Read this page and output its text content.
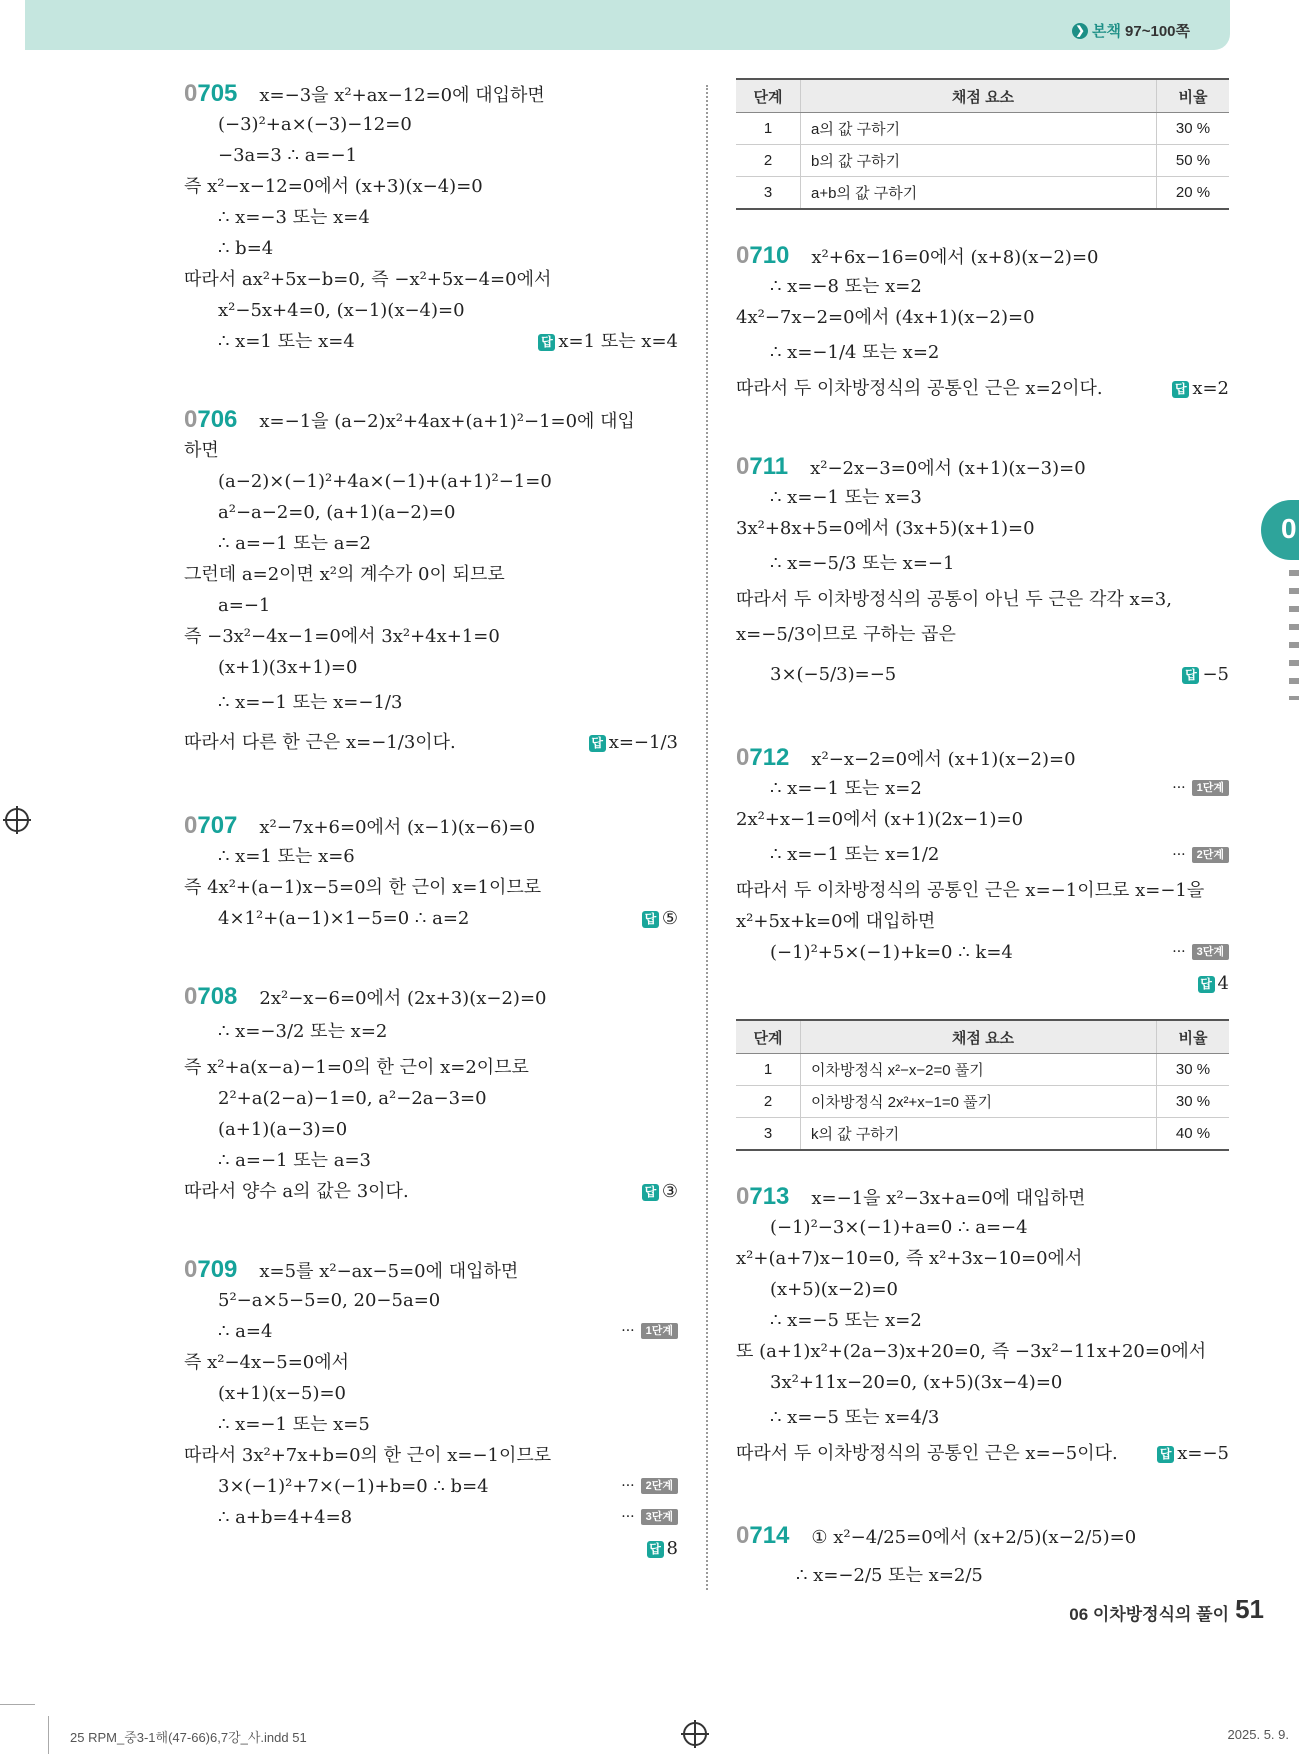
❯ 본책 97~100쪽
0705 x=−3을 x²+ax−12=0에 대입하면
(−3)²+a×(−3)−12=0
−3a=3 ∴ a=−1
즉 x²−x−12=0에서 (x+3)(x−4)=0
∴ x=−3 또는 x=4
∴ b=4
따라서 ax²+5x−b=0, 즉 −x²+5x−4=0에서
x²−5x+4=0, (x−1)(x−4)=0
∴ x=1 또는 x=4	답 x=1 또는 x=4
0706 x=−1을 (a−2)x²+4ax+(a+1)²−1=0에 대입
하면
(a−2)×(−1)²+4a×(−1)+(a+1)²−1=0
a²−a−2=0, (a+1)(a−2)=0
∴ a=−1 또는 a=2
그런데 a=2이면 x²의 계수가 0이 되므로
a=−1
즉 −3x²−4x−1=0에서 3x²+4x+1=0
(x+1)(3x+1)=0
∴ x=−1 또는 x=−1/3
따라서 다른 한 근은 x=−1/3이다.	답 x=−1/3
0707 x²−7x+6=0에서 (x−1)(x−6)=0
∴ x=1 또는 x=6
즉 4x²+(a−1)x−5=0의 한 근이 x=1이므로
4×1²+(a−1)×1−5=0 ∴ a=2	답 ⑤
0708 2x²−x−6=0에서 (2x+3)(x−2)=0
∴ x=−3/2 또는 x=2
즉 x²+a(x−a)−1=0의 한 근이 x=2이므로
2²+a(2−a)−1=0, a²−2a−3=0
(a+1)(a−3)=0
∴ a=−1 또는 a=3
따라서 양수 a의 값은 3이다.	답 ③
0709 x=5를 x²−ax−5=0에 대입하면
5²−a×5−5=0, 20−5a=0
∴ a=4	··· 1단계
즉 x²−4x−5=0에서
(x+1)(x−5)=0
∴ x=−1 또는 x=5
따라서 3x²+7x+b=0의 한 근이 x=−1이므로
3×(−1)²+7×(−1)+b=0 ∴ b=4	··· 2단계
∴ a+b=4+4=8	··· 3단계
답 8
단계	채점 요소	비율
1	a의 값 구하기	30 %
2	b의 값 구하기	50 %
3	a+b의 값 구하기	20 %
0710 x²+6x−16=0에서 (x+8)(x−2)=0
∴ x=−8 또는 x=2
4x²−7x−2=0에서 (4x+1)(x−2)=0
∴ x=−1/4 또는 x=2
따라서 두 이차방정식의 공통인 근은 x=2이다.	답 x=2
0711 x²−2x−3=0에서 (x+1)(x−3)=0
∴ x=−1 또는 x=3
3x²+8x+5=0에서 (3x+5)(x+1)=0
∴ x=−5/3 또는 x=−1
따라서 두 이차방정식의 공통이 아닌 두 근은 각각 x=3,
x=−5/3이므로 구하는 곱은
3×(−5/3)=−5	답 −5
0712 x²−x−2=0에서 (x+1)(x−2)=0
∴ x=−1 또는 x=2	··· 1단계
2x²+x−1=0에서 (x+1)(2x−1)=0
∴ x=−1 또는 x=1/2	··· 2단계
따라서 두 이차방정식의 공통인 근은 x=−1이므로 x=−1을
x²+5x+k=0에 대입하면
(−1)²+5×(−1)+k=0 ∴ k=4	··· 3단계
답 4
단계	채점 요소	비율
1	이차방정식 x²−x−2=0 풀기	30 %
2	이차방정식 2x²+x−1=0 풀기	30 %
3	k의 값 구하기	40 %
0713 x=−1을 x²−3x+a=0에 대입하면
(−1)²−3×(−1)+a=0 ∴ a=−4
x²+(a+7)x−10=0, 즉 x²+3x−10=0에서
(x+5)(x−2)=0
∴ x=−5 또는 x=2
또 (a+1)x²+(2a−3)x+20=0, 즉 −3x²−11x+20=0에서
3x²+11x−20=0, (x+5)(3x−4)=0
∴ x=−5 또는 x=4/3
따라서 두 이차방정식의 공통인 근은 x=−5이다.	답 x=−5
0714 ① x²−4/25=0에서 (x+2/5)(x−2/5)=0
∴ x=−2/5 또는 x=2/5
0
06 이차방정식의 풀이 51
25 RPM_중3-1해(47-66)6,7강_사.indd 51	2025. 5. 9.
